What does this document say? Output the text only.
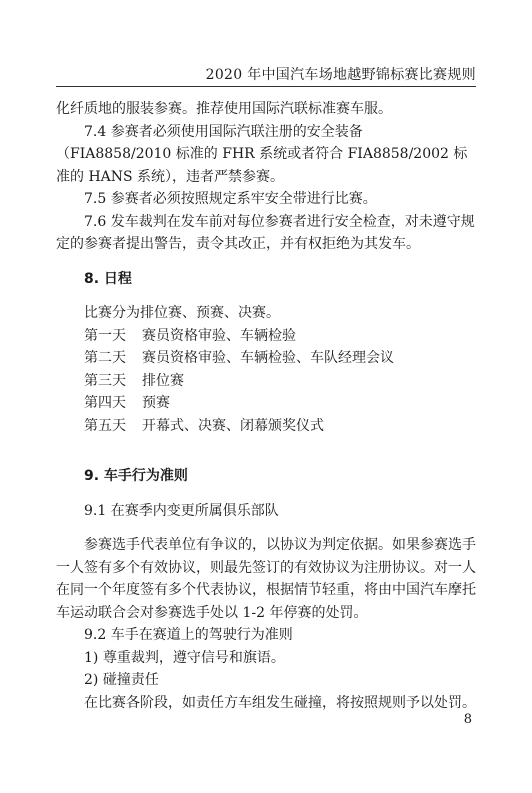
2020 年中国汽车场地越野锦标赛比赛规则

化纤质地的服装参赛。推荐使用国际汽联标准赛车服。

7.4 参赛者必须使用国际汽联注册的安全装备（FIA8858/2010 标准的 FHR 系统或者符合 FIA8858/2002 标准的 HANS 系统），违者严禁参赛。

7.5 参赛者必须按照规定系牢安全带进行比赛。

7.6 发车裁判在发车前对每位参赛者进行安全检查，对未遵守规定的参赛者提出警告，责令其改正，并有权拒绝为其发车。

8. 日程

比赛分为排位赛、预赛、决赛。

第一天 赛员资格审验、车辆检验

第二天 赛员资格审验、车辆检验、车队经理会议

第三天 排位赛

第四天 预赛

第五天 开幕式、决赛、闭幕颁奖仪式

9. 车手行为准则

9.1 在赛季内变更所属俱乐部队

参赛选手代表单位有争议的，以协议为判定依据。如果参赛选手一人签有多个有效协议，则最先签订的有效协议为注册协议。对一人在同一个年度签有多个代表协议，根据情节轻重，将由中国汽车摩托车运动联合会对参赛选手处以 1-2 年停赛的处罚。

9.2 车手在赛道上的驾驶行为准则

1) 尊重裁判，遵守信号和旗语。

2) 碰撞责任

在比赛各阶段，如责任方车组发生碰撞，将按照规则予以处罚。

8
